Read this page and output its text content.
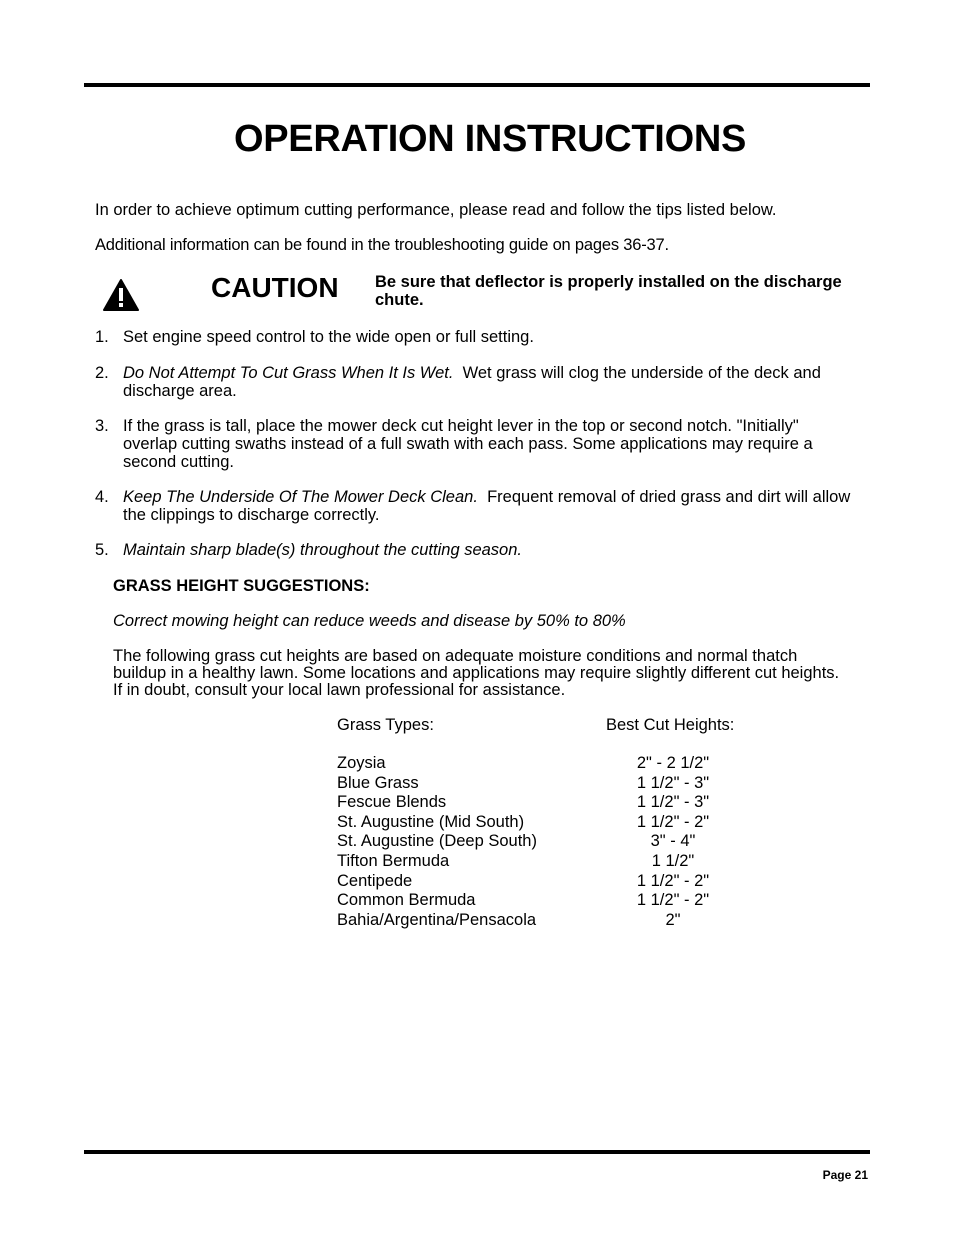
OPERATION INSTRUCTIONS
In order to achieve optimum cutting performance, please read and follow the tips listed below.
Additional information can be found in the troubleshooting guide on pages 36-37.
CAUTION Be sure that deflector is properly installed on the discharge chute.
1. Set engine speed control to the wide open or full setting.
2. Do Not Attempt To Cut Grass When It Is Wet. Wet grass will clog the underside of the deck and discharge area.
3. If the grass is tall, place the mower deck cut height lever in the top or second notch. "Initially" overlap cutting swaths instead of a full swath with each pass. Some applications may require a second cutting.
4. Keep The Underside Of The Mower Deck Clean. Frequent removal of dried grass and dirt will allow the clippings to discharge correctly.
5. Maintain sharp blade(s) throughout the cutting season.
GRASS HEIGHT SUGGESTIONS:
Correct mowing height can reduce weeds and disease by 50% to 80%
The following grass cut heights are based on adequate moisture conditions and normal thatch buildup in a healthy lawn. Some locations and applications may require slightly different cut heights. If in doubt, consult your local lawn professional for assistance.
Grass Types:	Best Cut Heights:
Zoysia	2" - 2 1/2"
Blue Grass	1 1/2" - 3"
Fescue Blends	1 1/2" - 3"
St. Augustine (Mid South)	1 1/2" - 2"
St. Augustine (Deep South)	3" - 4"
Tifton Bermuda	1 1/2"
Centipede	1 1/2" - 2"
Common Bermuda	1 1/2" - 2"
Bahia/Argentina/Pensacola	2"
Page 21
